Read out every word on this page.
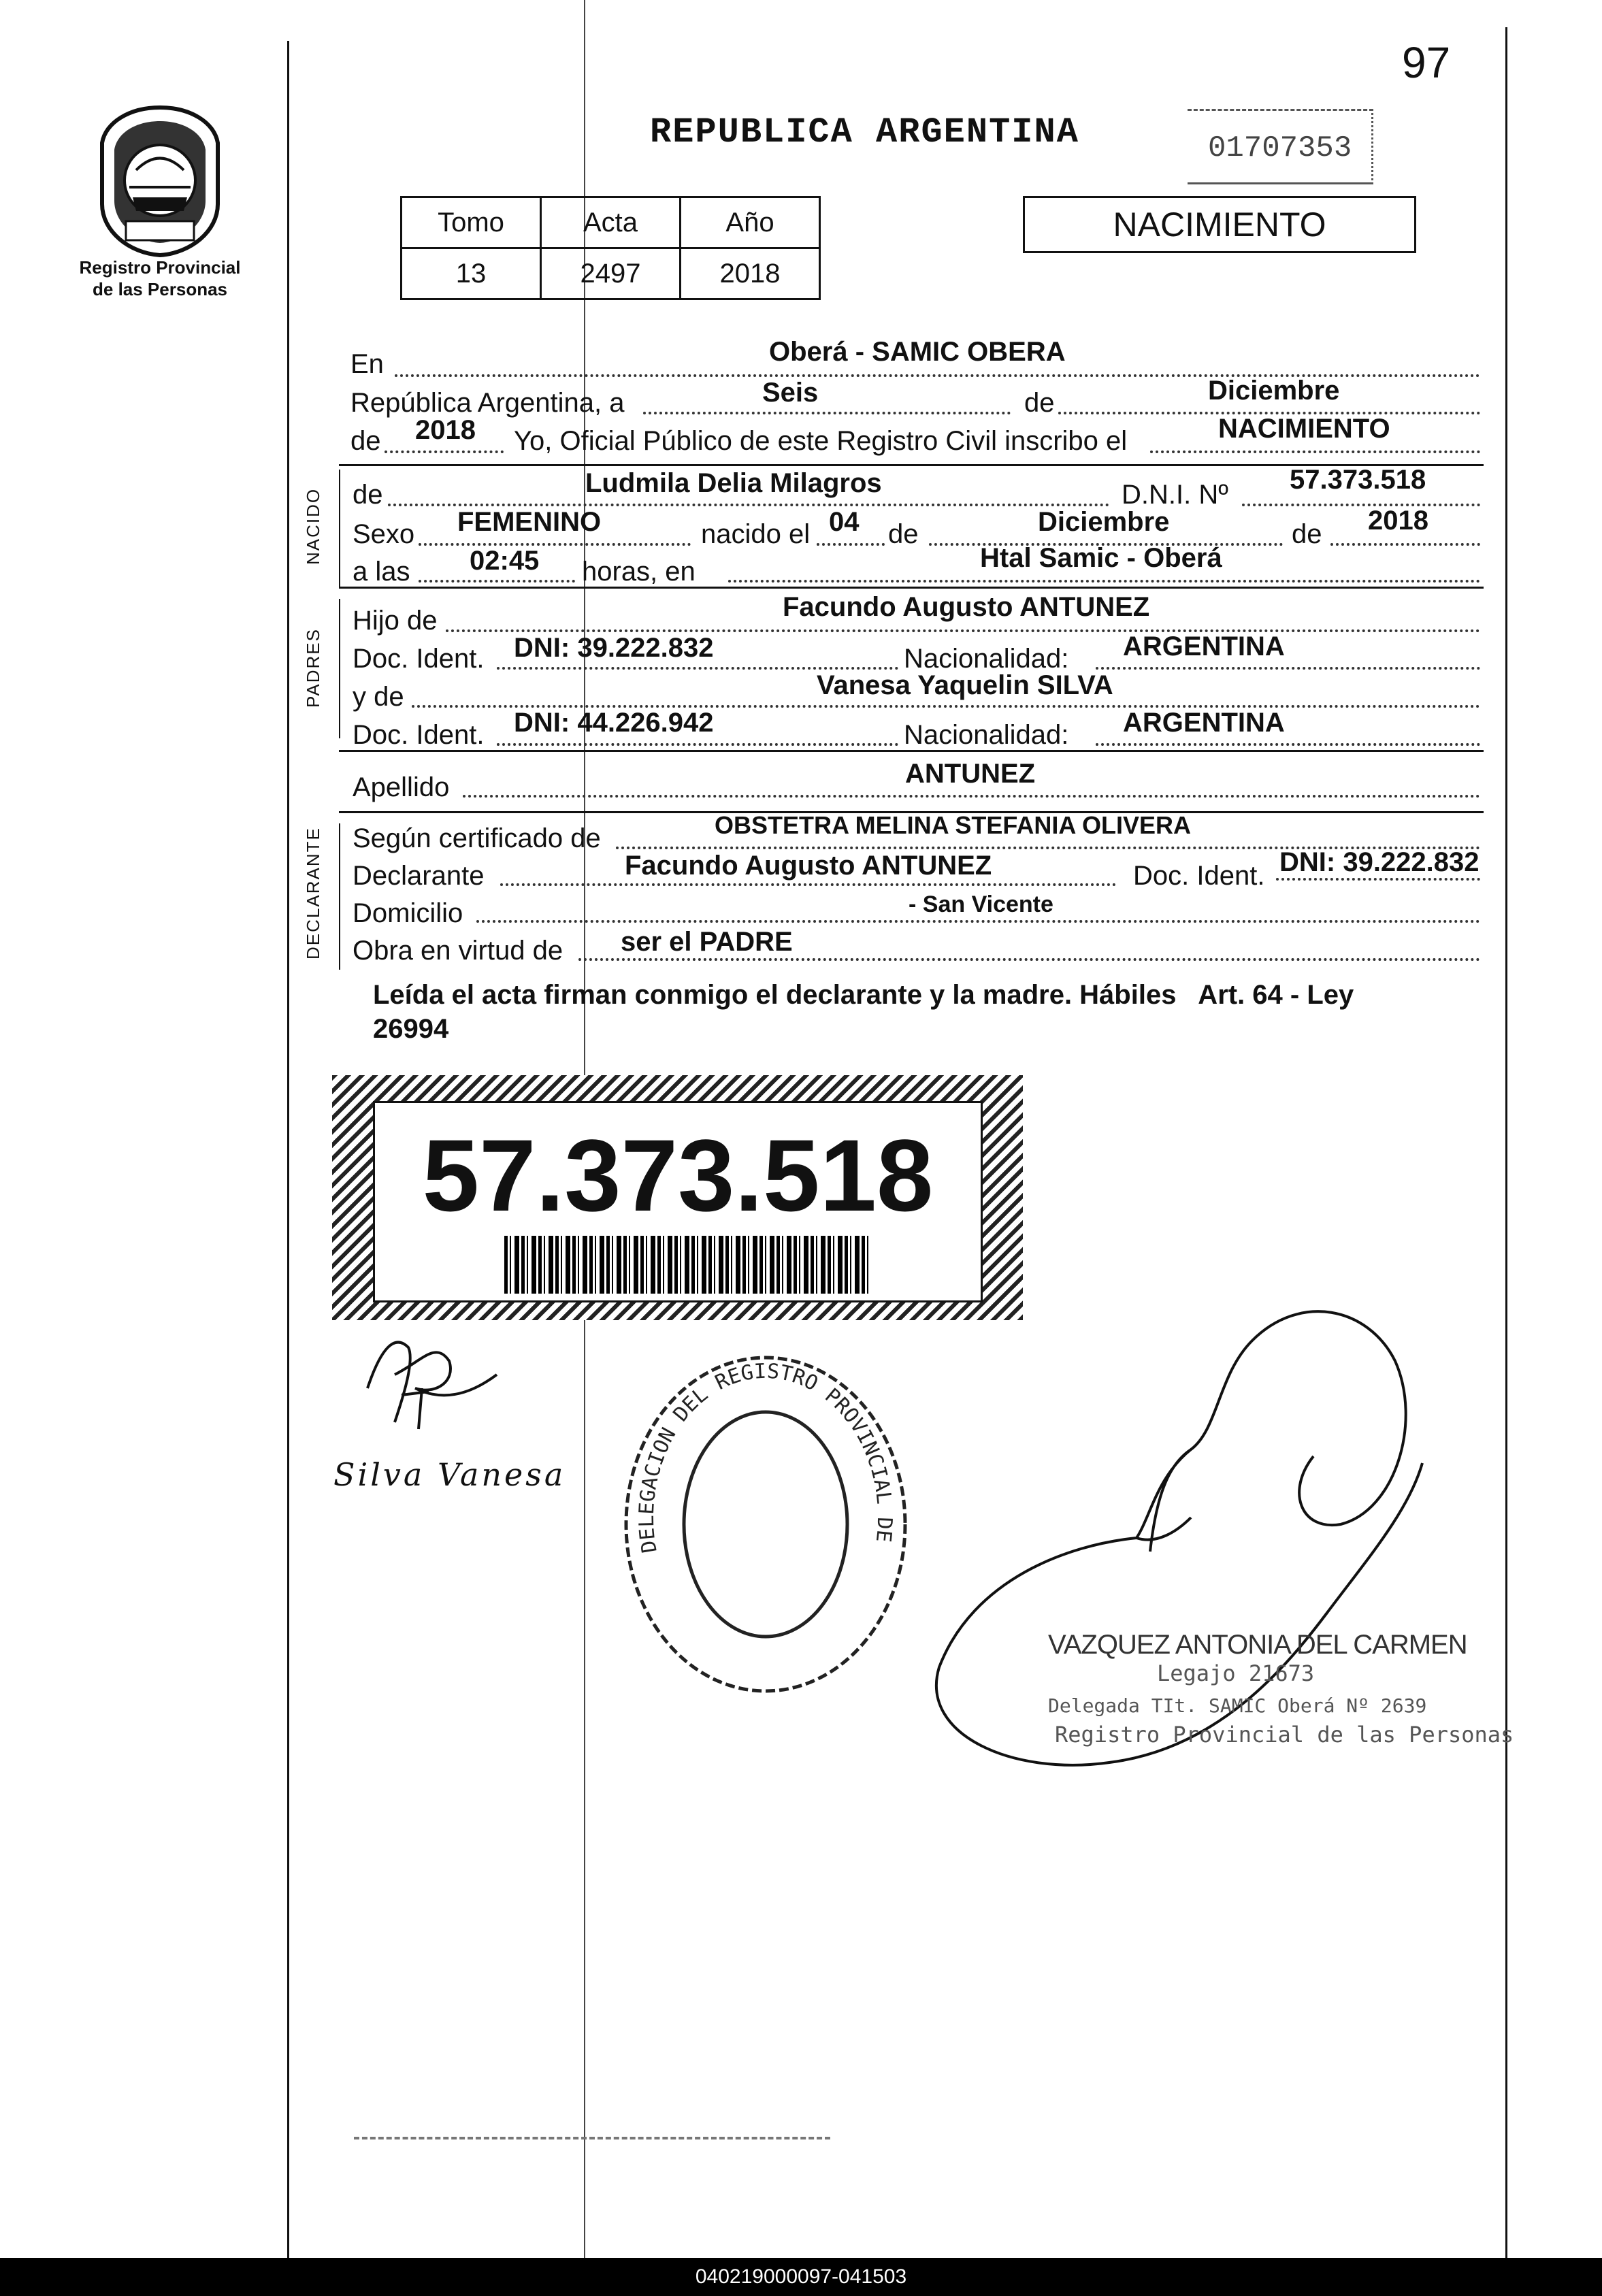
97
Registro Provincial
de las Personas
REPUBLICA ARGENTINA	01707353
NACIMIENTO
Tomo	Acta	Año
13	2497	2018
En	Oberá - SAMIC OBERA
República Argentina, a	Seis	de	Diciembre
de 2018 Yo, Oficial Público de este Registro Civil inscribo el	NACIMIENTO
NACIDO de	Ludmila Delia Milagros	D.N.I. Nº 57.373.518
Sexo FEMENINO	nacido el 04 de	Diciembre	de 2018
a las 02:45 horas, en	Htal Samic - Oberá
PADRES
Hijo de	Facundo Augusto ANTUNEZ
Doc. Ident. DNI: 39.222.832	Nacionalidad: ARGENTINA
y de	Vanesa Yaquelin SILVA
Doc. Ident. DNI: 44.226.942	Nacionalidad: ARGENTINA
Apellido	ANTUNEZ
DECLARANTE Según certificado de	OBSTETRA MELINA STEFANIA OLIVERA
Declarante	Facundo Augusto ANTUNEZ	Doc. Ident. DNI: 39.222.832
Domicilio	- San Vicente
Obra en virtud de ser el PADRE
Leída el acta firman conmigo el declarante y la madre. Hábiles   Art. 64 - Ley
26994
57.373.518
Silva Vanesa
DELEGACION DEL REGISTRO PROVINCIAL DE
VAZQUEZ ANTONIA DEL CARMEN
Legajo 21673
Delegada TIt. SAMIC Oberá Nº 2639
Registro Provincial de las Personas
040219000097-041503
